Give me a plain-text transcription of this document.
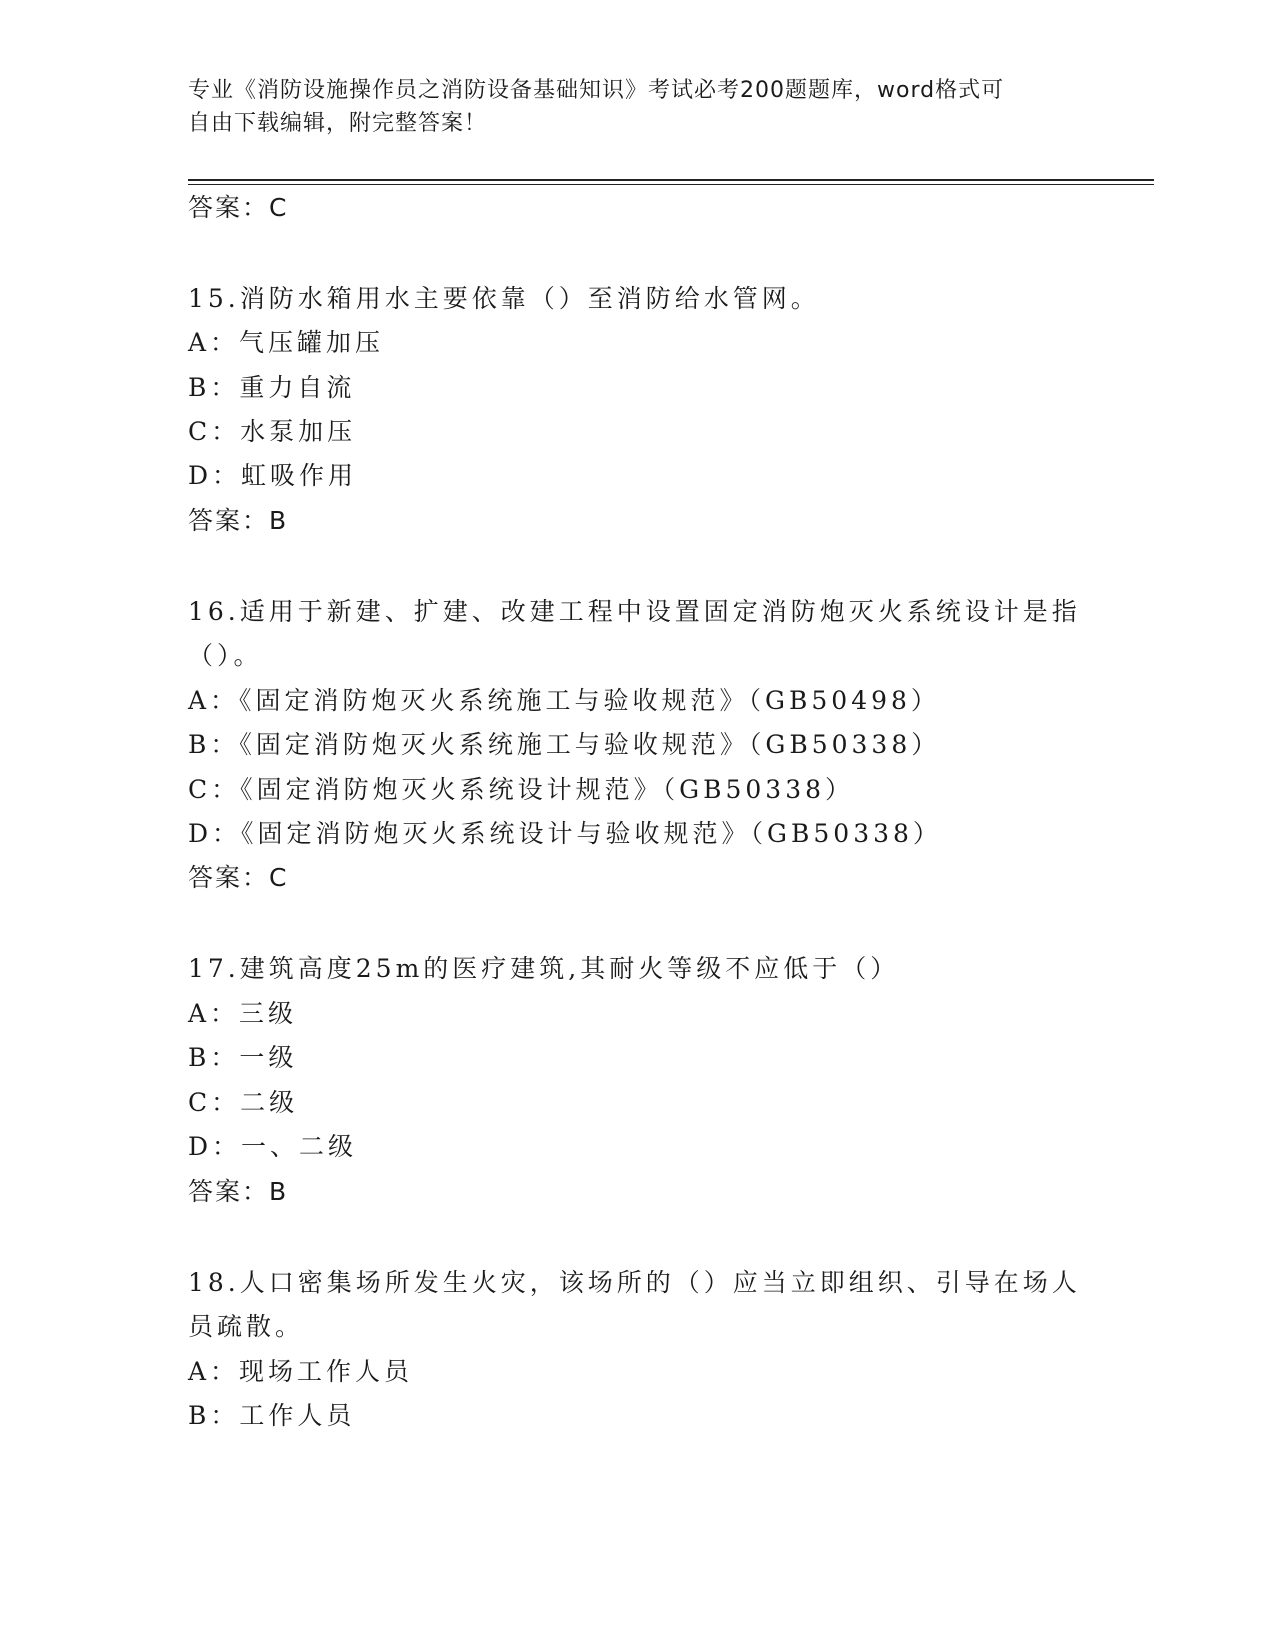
专业《消防设施操作员之消防设备基础知识》考试必考200题题库，word格式可
自由下载编辑，附完整答案！
答案：C
15.消防水箱用水主要依靠（）至消防给水管网。
A：气压罐加压
B：重力自流
C：水泵加压
D：虹吸作用
答案：B
16.适用于新建、扩建、改建工程中设置固定消防炮灭火系统设计是指
（）。
A：《固定消防炮灭火系统施工与验收规范》（GB50498）
B：《固定消防炮灭火系统施工与验收规范》（GB50338）
C：《固定消防炮灭火系统设计规范》（GB50338）
D：《固定消防炮灭火系统设计与验收规范》（GB50338）
答案：C
17.建筑高度25m的医疗建筑,其耐火等级不应低于（）
A：三级
B：一级
C：二级
D：一、二级
答案：B
18.人口密集场所发生火灾，该场所的（）应当立即组织、引导在场人
员疏散。
A：现场工作人员
B：工作人员
